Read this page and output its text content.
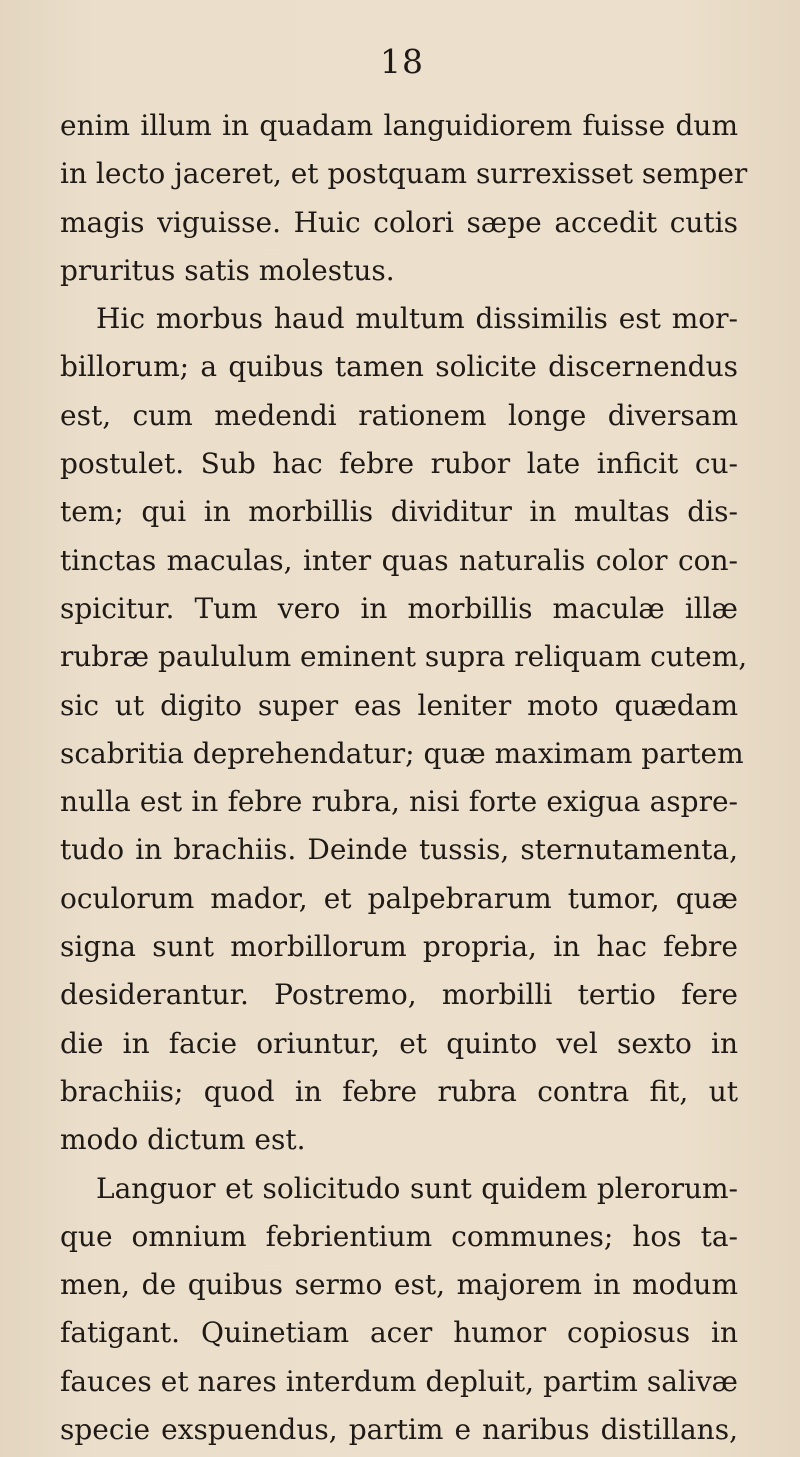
18
enim illum in quadam languidiorem fuisse dum
in lecto jaceret, et postquam surrexisset semper
magis viguisse. Huic colori sæpe accedit cutis
pruritus satis molestus.
Hic morbus haud multum dissimilis est mor-
billorum; a quibus tamen solicite discernendus
est, cum medendi rationem longe diversam
postulet. Sub hac febre rubor late inficit cu-
tem; qui in morbillis dividitur in multas dis-
tinctas maculas, inter quas naturalis color con-
spicitur. Tum vero in morbillis maculæ illæ
rubræ paululum eminent supra reliquam cutem,
sic ut digito super eas leniter moto quædam
scabritia deprehendatur; quæ maximam partem
nulla est in febre rubra, nisi forte exigua aspre-
tudo in brachiis. Deinde tussis, sternutamenta,
oculorum mador, et palpebrarum tumor, quæ
signa sunt morbillorum propria, in hac febre
desiderantur. Postremo, morbilli tertio fere
die in facie oriuntur, et quinto vel sexto in
brachiis; quod in febre rubra contra fit, ut
modo dictum est.
Languor et solicitudo sunt quidem plerorum-
que omnium febrientium communes; hos ta-
men, de quibus sermo est, majorem in modum
fatigant. Quinetiam acer humor copiosus in
fauces et nares interdum depluit, partim salivæ
specie exspuendus, partim e naribus distillans,
